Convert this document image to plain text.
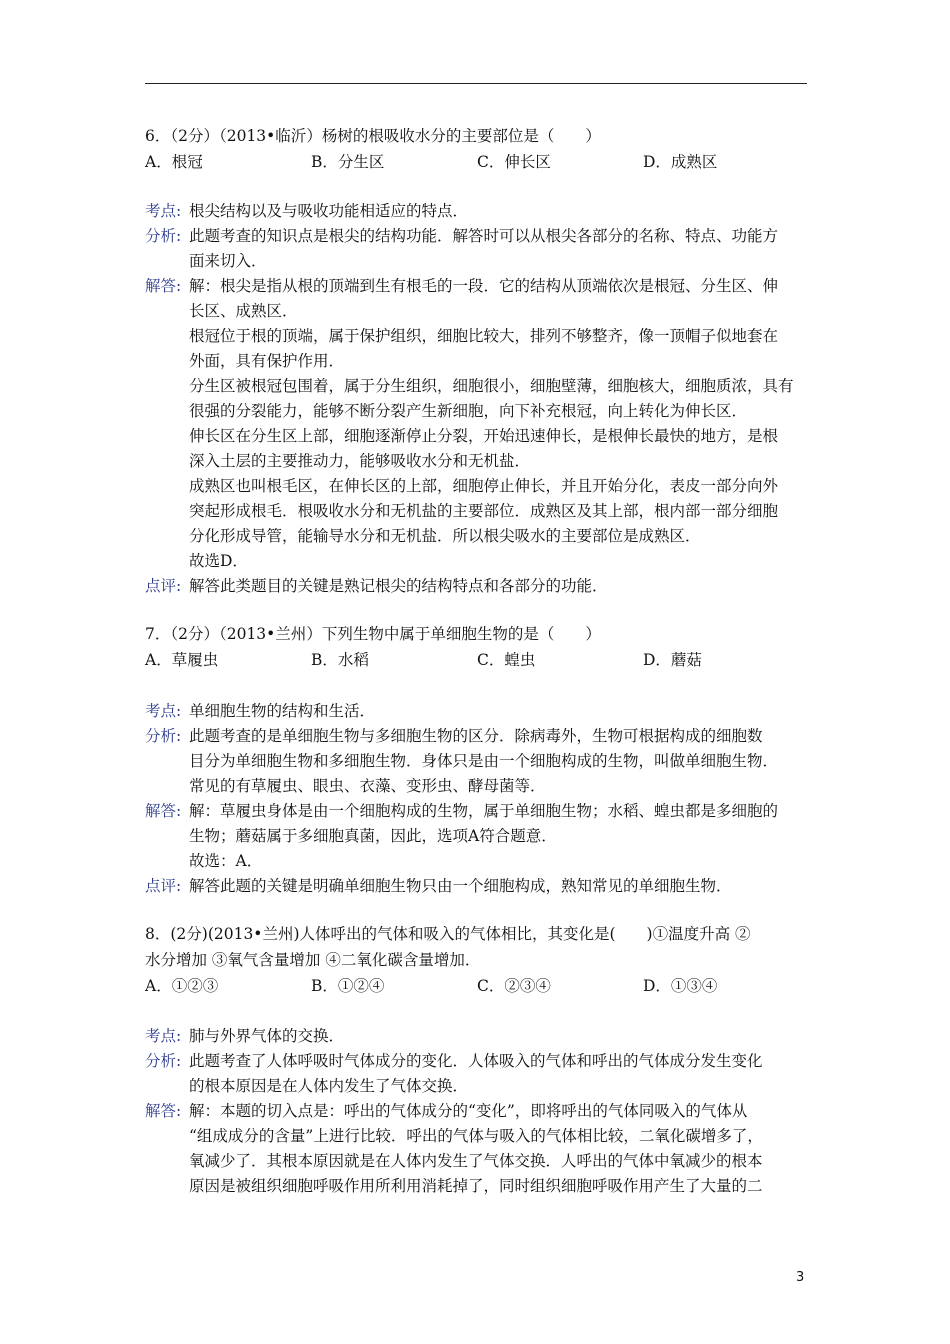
6．（2分）（2013•临沂）杨树的根吸收水分的主要部位是（　　）
A．根冠	B．分生区	C．伸长区	D．成熟区
考点: 根尖结构以及与吸收功能相适应的特点．
分析: 此题考查的知识点是根尖的结构功能．解答时可以从根尖各部分的名称、特点、功能方
面来切入．
解答: 解：根尖是指从根的顶端到生有根毛的一段．它的结构从顶端依次是根冠、分生区、伸
长区、成熟区．
根冠位于根的顶端，属于保护组织，细胞比较大，排列不够整齐，像一顶帽子似地套在
外面，具有保护作用．
分生区被根冠包围着，属于分生组织，细胞很小，细胞壁薄，细胞核大，细胞质浓，具有
很强的分裂能力，能够不断分裂产生新细胞，向下补充根冠，向上转化为伸长区．
伸长区在分生区上部，细胞逐渐停止分裂，开始迅速伸长，是根伸长最快的地方，是根
深入土层的主要推动力，能够吸收水分和无机盐．
成熟区也叫根毛区，在伸长区的上部，细胞停止伸长，并且开始分化，表皮一部分向外
突起形成根毛．根吸收水分和无机盐的主要部位．成熟区及其上部，根内部一部分细胞
分化形成导管，能输导水分和无机盐．所以根尖吸水的主要部位是成熟区．
故选D．
点评: 解答此类题目的关键是熟记根尖的结构特点和各部分的功能．
7．（2分）（2013•兰州）下列生物中属于单细胞生物的是（　　）
A．草履虫	B．水稻	C．蝗虫	D．蘑菇
考点: 单细胞生物的结构和生活．
分析: 此题考查的是单细胞生物与多细胞生物的区分．除病毒外，生物可根据构成的细胞数
目分为单细胞生物和多细胞生物．身体只是由一个细胞构成的生物，叫做单细胞生物．
常见的有草履虫、眼虫、衣藻、变形虫、酵母菌等．
解答: 解：草履虫身体是由一个细胞构成的生物，属于单细胞生物；水稻、蝗虫都是多细胞的
生物；蘑菇属于多细胞真菌，因此，选项A符合题意．
故选：A．
点评: 解答此题的关键是明确单细胞生物只由一个细胞构成，熟知常见的单细胞生物．
8．(2分)(2013•兰州)人体呼出的气体和吸入的气体相比，其变化是(　　)①温度升高 ②
水分增加 ③氧气含量增加 ④二氧化碳含量增加．
A．①②③	B．①②④	C．②③④	D．①③④
考点: 肺与外界气体的交换．
分析: 此题考查了人体呼吸时气体成分的变化．人体吸入的气体和呼出的气体成分发生变化
的根本原因是在人体内发生了气体交换．
解答: 解：本题的切入点是：呼出的气体成分的“变化”，即将呼出的气体同吸入的气体从
“组成成分的含量”上进行比较．呼出的气体与吸入的气体相比较，二氧化碳增多了，
氧减少了．其根本原因就是在人体内发生了气体交换．人呼出的气体中氧减少的根本
原因是被组织细胞呼吸作用所利用消耗掉了，同时组织细胞呼吸作用产生了大量的二
3
